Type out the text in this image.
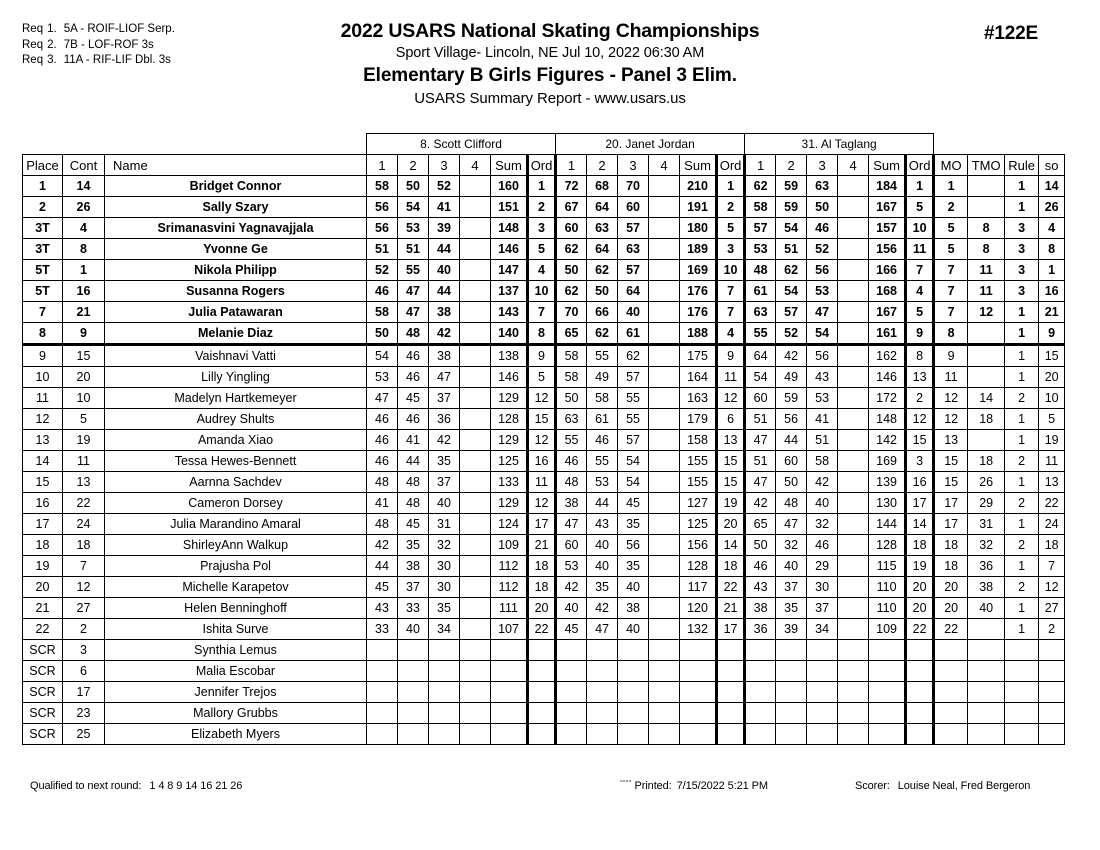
Req 1. 5A - ROIF-LIOF Serp.
Req 2. 7B - LOF-ROF 3s
Req 3. 11A - RIF-LIF Dbl. 3s
2022 USARS National Skating Championships
Sport Village- Lincoln, NE Jul 10, 2022 06:30 AM
Elementary B Girls Figures - Panel 3 Elim.
USARS Summary Report - www.usars.us
#122E
			8. Scott Clifford						20. Janet Jordan						31. Al Taglang									
Place	Cont	Name	1	2	3	4	Sum	Ord	1	2	3	4	Sum	Ord	1	2	3	4	Sum	Ord	MO	TMO	Rule	so
1	14	Bridget Connor	58	50	52		160	1	72	68	70		210	1	62	59	63		184	1	1		1	14
2	26	Sally Szary	56	54	41		151	2	67	64	60		191	2	58	59	50		167	5	2		1	26
3T	4	Srimanasvini Yagnavajjala	56	53	39		148	3	60	63	57		180	5	57	54	46		157	10	5	8	3	4
3T	8	Yvonne Ge	51	51	44		146	5	62	64	63		189	3	53	51	52		156	11	5	8	3	8
5T	1	Nikola Philipp	52	55	40		147	4	50	62	57		169	10	48	62	56		166	7	7	11	3	1
5T	16	Susanna Rogers	46	47	44		137	10	62	50	64		176	7	61	54	53		168	4	7	11	3	16
7	21	Julia Patawaran	58	47	38		143	7	70	66	40		176	7	63	57	47		167	5	7	12	1	21
8	9	Melanie Diaz	50	48	42		140	8	65	62	61		188	4	55	52	54		161	9	8		1	9
9	15	Vaishnavi Vatti	54	46	38		138	9	58	55	62		175	9	64	42	56		162	8	9		1	15
10	20	Lilly Yingling	53	46	47		146	5	58	49	57		164	11	54	49	43		146	13	11		1	20
11	10	Madelyn Hartkemeyer	47	45	37		129	12	50	58	55		163	12	60	59	53		172	2	12	14	2	10
12	5	Audrey Shults	46	46	36		128	15	63	61	55		179	6	51	56	41		148	12	12	18	1	5
13	19	Amanda Xiao	46	41	42		129	12	55	46	57		158	13	47	44	51		142	15	13		1	19
14	11	Tessa Hewes-Bennett	46	44	35		125	16	46	55	54		155	15	51	60	58		169	3	15	18	2	11
15	13	Aarnna Sachdev	48	48	37		133	11	48	53	54		155	15	47	50	42		139	16	15	26	1	13
16	22	Cameron Dorsey	41	48	40		129	12	38	44	45		127	19	42	48	40		130	17	17	29	2	22
17	24	Julia Marandino Amaral	48	45	31		124	17	47	43	35		125	20	65	47	32		144	14	17	31	1	24
18	18	ShirleyAnn Walkup	42	35	32		109	21	60	40	56		156	14	50	32	46		128	18	18	32	2	18
19	7	Prajusha Pol	44	38	30		112	18	53	40	35		128	18	46	40	29		115	19	18	36	1	7
20	12	Michelle Karapetov	45	37	30		112	18	42	35	40		117	22	43	37	30		110	20	20	38	2	12
21	27	Helen Benninghoff	43	33	35		111	20	40	42	38		120	21	38	35	37		110	20	20	40	1	27
22	2	Ishita Surve	33	40	34		107	22	45	47	40		132	17	36	39	34		109	22	22		1	2
SCR	3	Synthia Lemus																						
SCR	6	Malia Escobar																						
SCR	17	Jennifer Trejos																						
SCR	23	Mallory Grubbs																						
SCR	25	Elizabeth Myers																						
Qualified to next round: 1 4 8 9 14 16 21 26	^^^^ Printed: 7/15/2022 5:21 PM	Scorer: Louise Neal, Fred Bergeron
